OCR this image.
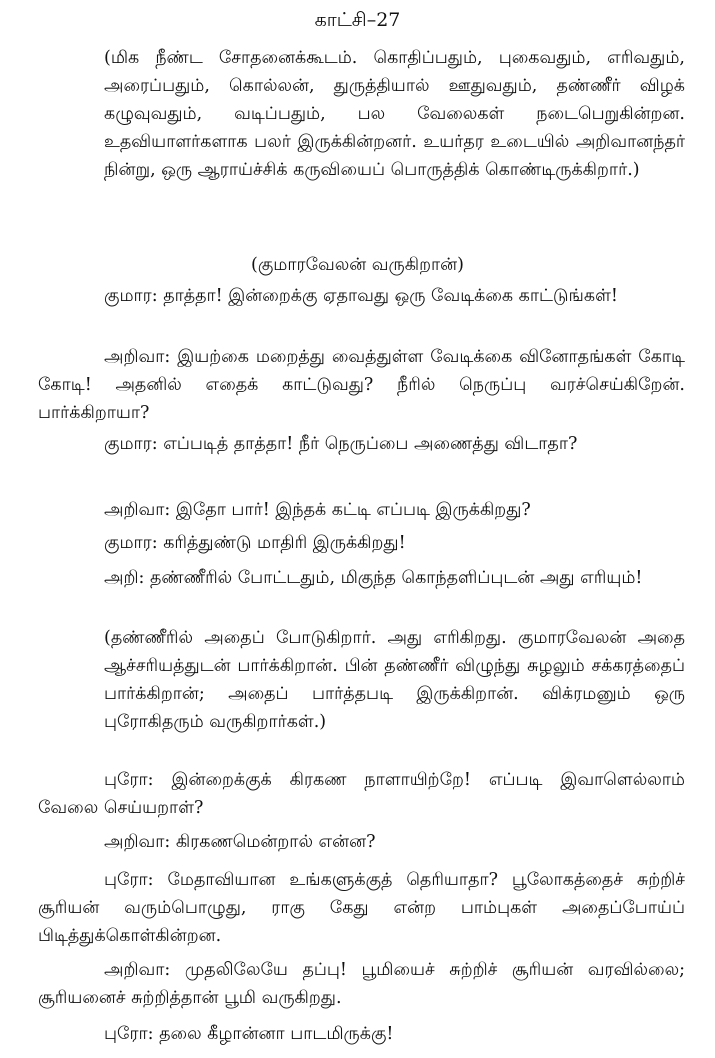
காட்சி–27

(மிக நீண்ட சோதனைக்கூடம். கொதிப்பதும், புகைவதும், எரிவதும், அரைப்பதும், கொல்லன், துருத்தியால் ஊதுவதும், தண்ணீர் விழக் கழுவுவதும், வடிப்பதும், பல வேலைகள் நடைபெறுகின்றன. உதவியாளர்களாக பலர் இருக்கின்றனர். உயர்தர உடையில் அறிவானந்தர் நின்று, ஒரு ஆராய்ச்சிக் கருவியைப் பொருத்திக் கொண்டிருக்கிறார்.)

(குமாரவேலன் வருகிறான்)

குமார: தாத்தா! இன்றைக்கு ஏதாவது ஒரு வேடிக்கை காட்டுங்கள்!

அறிவா: இயற்கை மறைத்து வைத்துள்ள வேடிக்கை வினோதங்கள் கோடி கோடி! அதனில் எதைக் காட்டுவது? நீரில் நெருப்பு வரச்செய்கிறேன். பார்க்கிறாயா?

குமார: எப்படித் தாத்தா! நீர் நெருப்பை அணைத்து விடாதா?

அறிவா: இதோ பார்! இந்தக் கட்டி எப்படி இருக்கிறது?

குமார: கரித்துண்டு மாதிரி இருக்கிறது!

அறி: தண்ணீரில் போட்டதும், மிகுந்த கொந்தளிப்புடன் அது எரியும்!

(தண்ணீரில் அதைப் போடுகிறார். அது எரிகிறது. குமாரவேலன் அதை ஆச்சரியத்துடன் பார்க்கிறான். பின் தண்ணீர் விழுந்து சுழலும் சக்கரத்தைப் பார்க்கிறான்; அதைப் பார்த்தபடி இருக்கிறான். விக்ரமனும் ஒரு புரோகிதரும் வருகிறார்கள்.)

புரோ: இன்றைக்குக் கிரகண நாளாயிற்றே! எப்படி இவாளெல்லாம் வேலை செய்யறாள்?

அறிவா: கிரகணமென்றால் என்ன?

புரோ: மேதாவியான உங்களுக்குத் தெரியாதா? பூலோகத்தைச் சுற்றிச் சூரியன் வரும்பொழுது, ராகு கேது என்ற பாம்புகள் அதைப்போய்ப் பிடித்துக்கொள்கின்றன.

அறிவா: முதலிலேயே தப்பு! பூமியைச் சுற்றிச் சூரியன் வரவில்லை; சூரியனைச் சுற்றித்தான் பூமி வருகிறது.

புரோ: தலை கீழான்னா பாடமிருக்கு!
